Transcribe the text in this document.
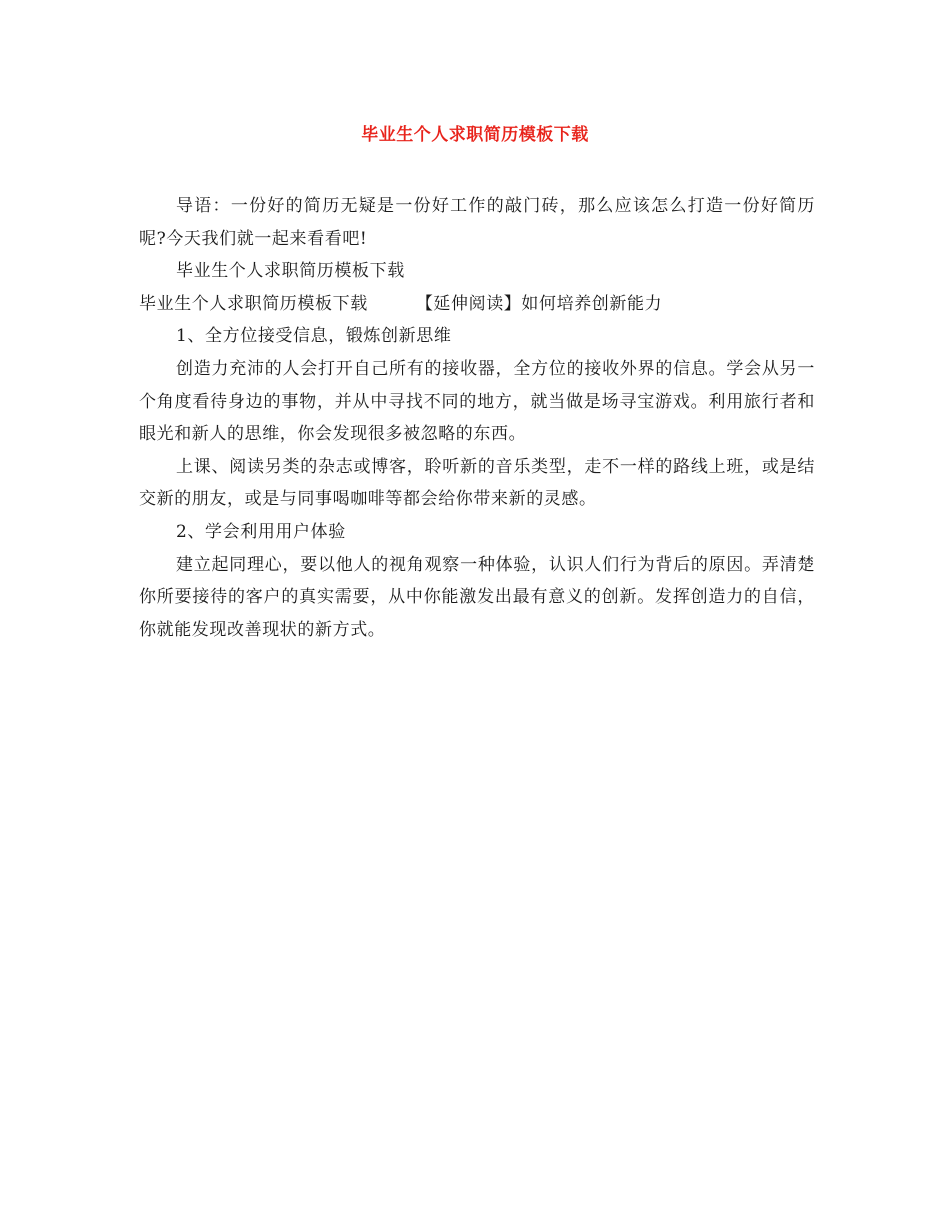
毕业生个人求职简历模板下载

导语：一份好的简历无疑是一份好工作的敲门砖，那么应该怎么打造一份好简历呢?今天我们就一起来看看吧!

毕业生个人求职简历模板下载

毕业生个人求职简历模板下载	【延伸阅读】如何培养创新能力

1、全方位接受信息，锻炼创新思维

创造力充沛的人会打开自己所有的接收器，全方位的接收外界的信息。学会从另一个角度看待身边的事物，并从中寻找不同的地方，就当做是场寻宝游戏。利用旅行者和眼光和新人的思维，你会发现很多被忽略的东西。

上课、阅读另类的杂志或博客，聆听新的音乐类型，走不一样的路线上班，或是结交新的朋友，或是与同事喝咖啡等都会给你带来新的灵感。

2、学会利用用户体验

建立起同理心，要以他人的视角观察一种体验，认识人们行为背后的原因。弄清楚你所要接待的客户的真实需要，从中你能激发出最有意义的创新。发挥创造力的自信，你就能发现改善现状的新方式。
